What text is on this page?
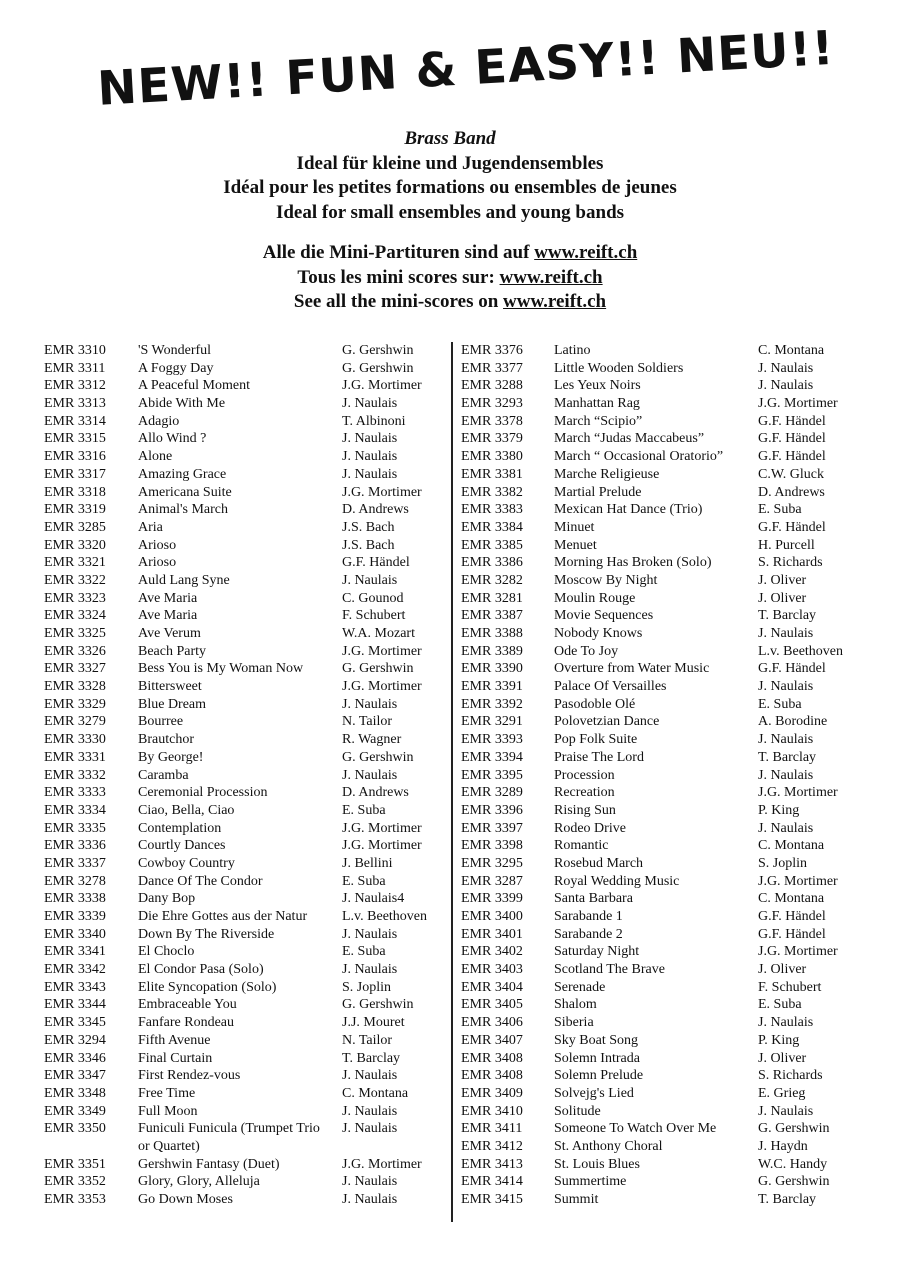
NEW!! FUN & EASY!! NEU!!
Brass Band
Ideal für kleine und Jugendensembles
Idéal pour les petites formations ou ensembles de jeunes
Ideal for small ensembles and young bands
Alle die Mini-Partituren sind auf www.reift.ch
Tous les mini scores sur: www.reift.ch
See all the mini-scores on www.reift.ch
EMR 3310 'S Wonderful	G. Gershwin
EMR 3311 A Foggy Day	G. Gershwin
EMR 3312 A Peaceful Moment	J.G. Mortimer
EMR 3313 Abide With Me	J. Naulais
EMR 3314 Adagio	T. Albinoni
EMR 3315 Allo Wind ?	J. Naulais
EMR 3316 Alone	J. Naulais
EMR 3317 Amazing Grace	J. Naulais
EMR 3318 Americana Suite	J.G. Mortimer
EMR 3319 Animal's March	D. Andrews
EMR 3285 Aria	J.S. Bach
EMR 3320 Arioso	J.S. Bach
EMR 3321 Arioso	G.F. Händel
EMR 3322 Auld Lang Syne	J. Naulais
EMR 3323 Ave Maria	C. Gounod
EMR 3324 Ave Maria	F. Schubert
EMR 3325 Ave Verum	W.A. Mozart
EMR 3326 Beach Party	J.G. Mortimer
EMR 3327 Bess You is My Woman Now	G. Gershwin
EMR 3328 Bittersweet	J.G. Mortimer
EMR 3329 Blue Dream	J. Naulais
EMR 3279 Bourree	N. Tailor
EMR 3330 Brautchor	R. Wagner
EMR 3331 By George!	G. Gershwin
EMR 3332 Caramba	J. Naulais
EMR 3333 Ceremonial Procession	D. Andrews
EMR 3334 Ciao, Bella, Ciao	E. Suba
EMR 3335 Contemplation	J.G. Mortimer
EMR 3336 Courtly Dances	J.G. Mortimer
EMR 3337 Cowboy Country	J. Bellini
EMR 3278 Dance Of The Condor	E. Suba
EMR 3338 Dany Bop	J. Naulais4
EMR 3339 Die Ehre Gottes aus der Natur	L.v. Beethoven
EMR 3340 Down By The Riverside	J. Naulais
EMR 3341 El Choclo	E. Suba
EMR 3342 El Condor Pasa (Solo)	J. Naulais
EMR 3343 Elite Syncopation (Solo)	S. Joplin
EMR 3344 Embraceable You	G. Gershwin
EMR 3345 Fanfare Rondeau	J.J. Mouret
EMR 3294 Fifth Avenue	N. Tailor
EMR 3346 Final Curtain	T. Barclay
EMR 3347 First Rendez-vous	J. Naulais
EMR 3348 Free Time	C. Montana
EMR 3349 Full Moon	J. Naulais
EMR 3350 Funiculi Funicula (Trumpet Trio or Quartet)
J. Naulais
EMR 3351 Gershwin Fantasy (Duet)	J.G. Mortimer
EMR 3352 Glory, Glory, Alleluja	J. Naulais
EMR 3353 Go Down Moses	J. Naulais
EMR 3376 Latino	C. Montana
EMR 3377 Little Wooden Soldiers	J. Naulais
EMR 3288 Les Yeux Noirs	J. Naulais
EMR 3293 Manhattan Rag	J.G. Mortimer
EMR 3378 March “Scipio”	G.F. Händel
EMR 3379 March “Judas Maccabeus”	G.F. Händel
EMR 3380 March “ Occasional Oratorio”	G.F. Händel
EMR 3381 Marche Religieuse	C.W. Gluck
EMR 3382 Martial Prelude	D. Andrews
EMR 3383 Mexican Hat Dance (Trio)	E. Suba
EMR 3384 Minuet	G.F. Händel
EMR 3385 Menuet	H. Purcell
EMR 3386 Morning Has Broken (Solo)	S. Richards
EMR 3282 Moscow By Night	J. Oliver
EMR 3281 Moulin Rouge	J. Oliver
EMR 3387 Movie Sequences	T. Barclay
EMR 3388 Nobody Knows	J. Naulais
EMR 3389 Ode To Joy	L.v. Beethoven
EMR 3390 Overture from Water Music	G.F. Händel
EMR 3391 Palace Of Versailles	J. Naulais
EMR 3392 Pasodoble Olé	E. Suba
EMR 3291 Polovetzian Dance	A. Borodine
EMR 3393 Pop Folk Suite	J. Naulais
EMR 3394 Praise The Lord	T. Barclay
EMR 3395 Procession	J. Naulais
EMR 3289 Recreation	J.G. Mortimer
EMR 3396 Rising Sun	P. King
EMR 3397 Rodeo Drive	J. Naulais
EMR 3398 Romantic	C. Montana
EMR 3295 Rosebud March	S. Joplin
EMR 3287 Royal Wedding Music	J.G. Mortimer
EMR 3399 Santa Barbara	C. Montana
EMR 3400 Sarabande 1	G.F. Händel
EMR 3401 Sarabande 2	G.F. Händel
EMR 3402 Saturday Night	J.G. Mortimer
EMR 3403 Scotland The Brave	J. Oliver
EMR 3404 Serenade	F. Schubert
EMR 3405 Shalom	E. Suba
EMR 3406 Siberia	J. Naulais
EMR 3407 Sky Boat Song	P. King
EMR 3408 Solemn Intrada	J. Oliver
EMR 3408 Solemn Prelude	S. Richards
EMR 3409 Solvejg's Lied	E. Grieg
EMR 3410 Solitude	J. Naulais
EMR 3411 Someone To Watch Over Me	G. Gershwin
EMR 3412 St. Anthony Choral	J. Haydn
EMR 3413 St. Louis Blues	W.C. Handy
EMR 3414 Summertime	G. Gershwin
EMR 3415 Summit	T. Barclay
